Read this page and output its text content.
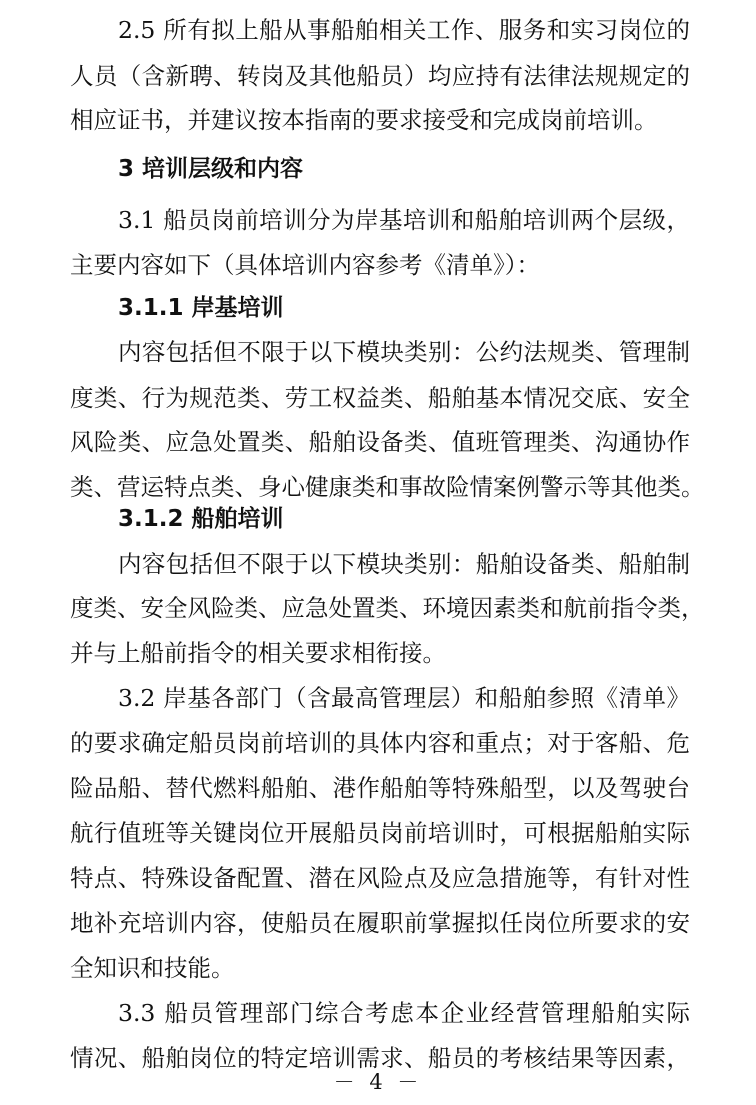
2.5 所有拟上船从事船舶相关工作、服务和实习岗位的
人员（含新聘、转岗及其他船员）均应持有法律法规规定的
相应证书，并建议按本指南的要求接受和完成岗前培训。
3 培训层级和内容
3.1 船员岗前培训分为岸基培训和船舶培训两个层级，
主要内容如下（具体培训内容参考《清单》）：
3.1.1 岸基培训
内容包括但不限于以下模块类别：公约法规类、管理制
度类、行为规范类、劳工权益类、船舶基本情况交底、安全
风险类、应急处置类、船舶设备类、值班管理类、沟通协作
类、营运特点类、身心健康类和事故险情案例警示等其他类。
3.1.2 船舶培训
内容包括但不限于以下模块类别：船舶设备类、船舶制
度类、安全风险类、应急处置类、环境因素类和航前指令类，
并与上船前指令的相关要求相衔接。
3.2 岸基各部门（含最高管理层）和船舶参照《清单》
的要求确定船员岗前培训的具体内容和重点；对于客船、危
险品船、替代燃料船舶、港作船舶等特殊船型，以及驾驶台
航行值班等关键岗位开展船员岗前培训时，可根据船舶实际
特点、特殊设备配置、潜在风险点及应急措施等，有针对性
地补充培训内容，使船员在履职前掌握拟任岗位所要求的安
全知识和技能。
3.3 船员管理部门综合考虑本企业经营管理船舶实际
情况、船舶岗位的特定培训需求、船员的考核结果等因素，
－ 4 －
